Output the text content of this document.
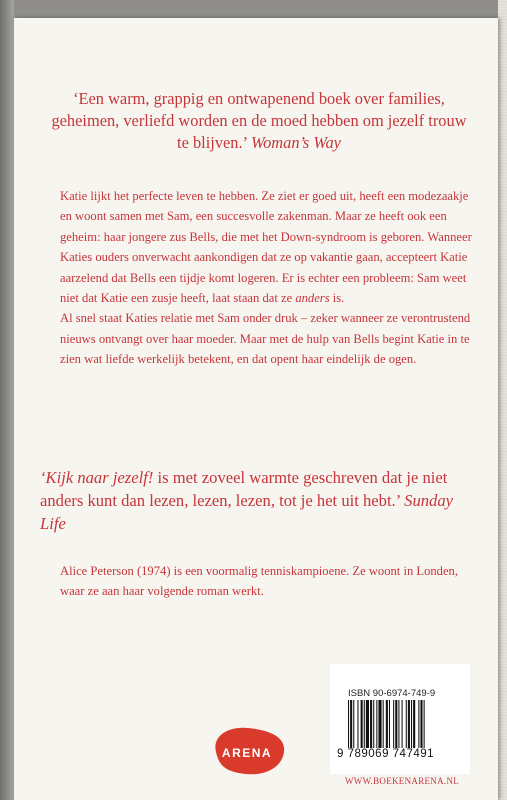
‘Een warm, grappig en ontwapenend boek over families, geheimen, verliefd worden en de moed hebben om jezelf trouw te blijven.’ Woman’s Way

Katie lijkt het perfecte leven te hebben. Ze ziet er goed uit, heeft een modezaakje en woont samen met Sam, een succesvolle zakenman. Maar ze heeft ook een geheim: haar jongere zus Bells, die met het Down-syndroom is geboren. Wanneer Katies ouders onverwacht aankondigen dat ze op vakantie gaan, accepteert Katie aarzelend dat Bells een tijdje komt logeren. Er is echter een probleem: Sam weet niet dat Katie een zusje heeft, laat staan dat ze anders is.

Al snel staat Katies relatie met Sam onder druk – zeker wanneer ze verontrustend nieuws ontvangt over haar moeder. Maar met de hulp van Bells begint Katie in te zien wat liefde werkelijk betekent, en dat opent haar eindelijk de ogen.

‘Kijk naar jezelf! is met zoveel warmte geschreven dat je niet anders kunt dan lezen, lezen, lezen, tot je het uit hebt.’ Sunday Life
Alice Peterson (1974) is een voormalig tenniskampioene. Ze woont in Londen, waar ze aan haar volgende roman werkt.
ISBN 90-6974-749-9
9 789069 747491
WWW.BOEKENARENA.NL
ARENA
